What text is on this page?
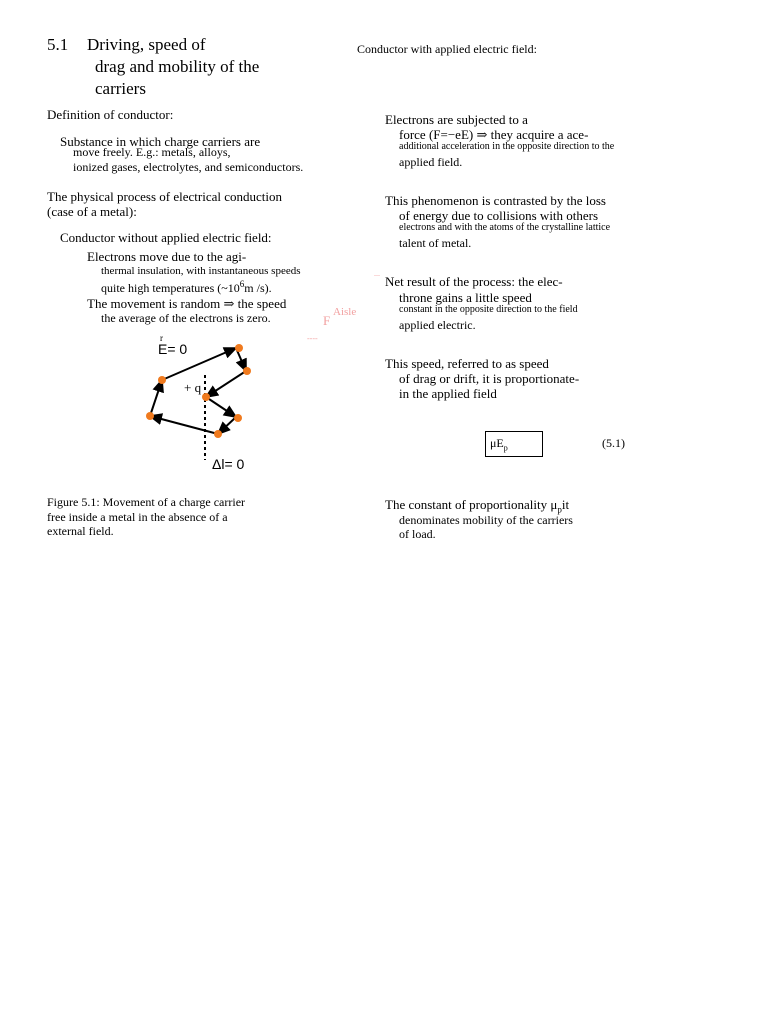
5.1 Driving, speed of
drag and mobility of the
carriers
Definition of conductor:
Substance in which charge carriers are
move freely. E.g.: metals, alloys,
ionized gases, electrolytes, and semiconductors.
The physical process of electrical conduction
(case of a metal):
Conductor without applied electric field:
Electrons move due to the agi-
thermal insulation, with instantaneous speeds
quite high temperatures ($\sim 10^6m$ /s).
The movement is random ⇒ the speed
the average of the electrons is zero.
r
E= 0
+ q
Δl= 0
Figure 5.1: Movement of a charge carrier
free inside a metal in the absence of a
external field.
F
Aisle
...
----
Conductor with applied electric field:
Electrons are subjected to a
force (F=−eE) ⇒ they acquire a ace-
additional acceleration in the opposite direction to the
applied field.
This phenomenon is contrasted by the loss
of energy due to collisions with others
electrons and with the atoms of the crystalline lattice
talent of metal.
Net result of the process: the elec-
throne gains a little speed
constant in the opposite direction to the field
applied electric.
This speed, referred to as speed
of drag or drift, it is proportionate-
in the applied field
$\mu E_p$	(5.1)
The constant of proportionality $\mu_pit$
denominates mobility of the carriers
of load.
